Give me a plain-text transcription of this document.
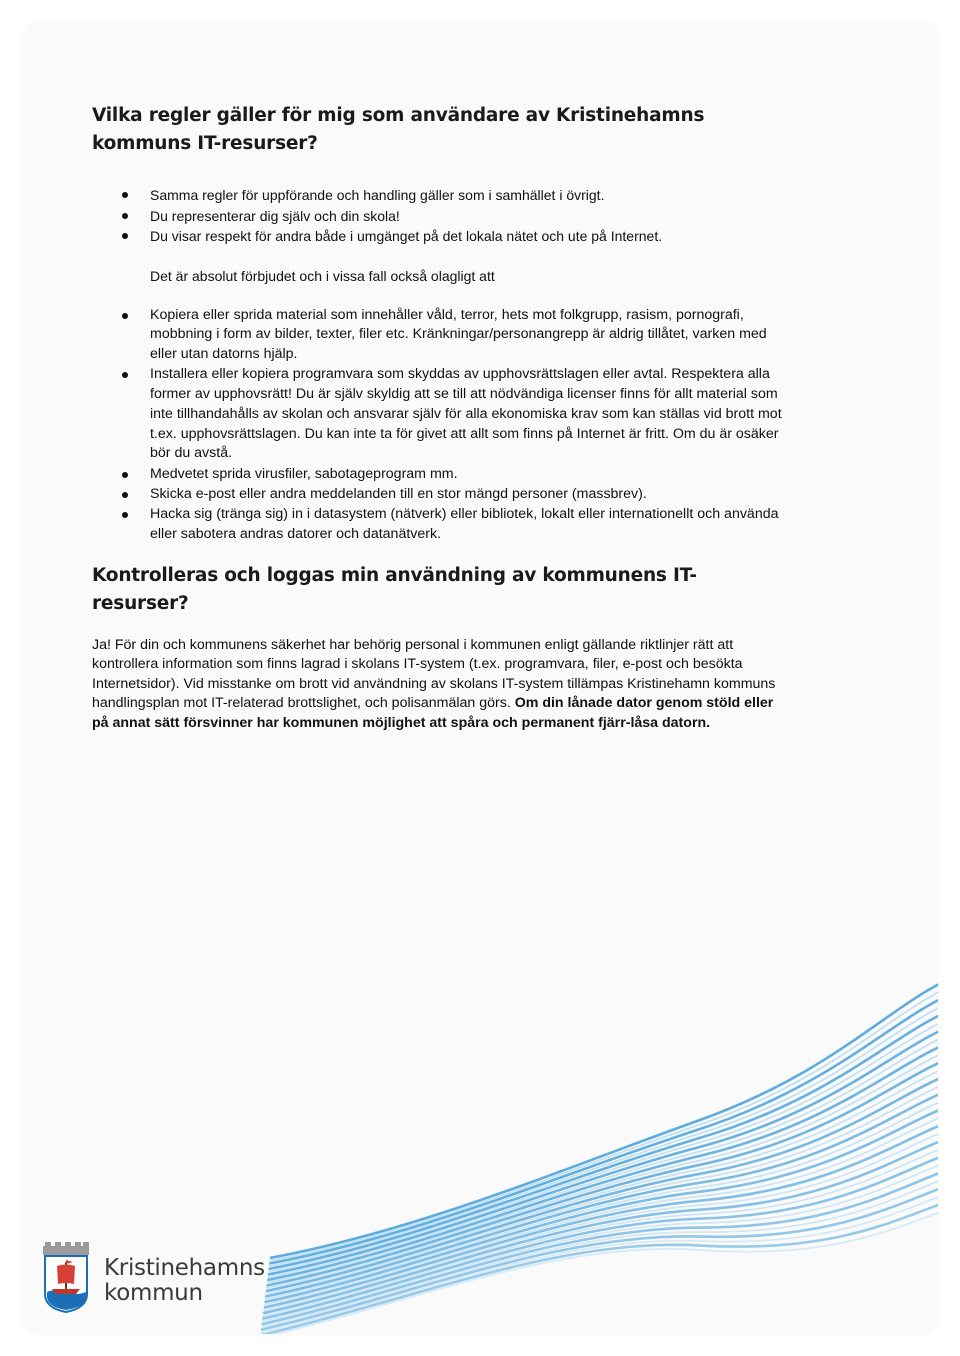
Vilka regler gäller för mig som användare av Kristinehamns kommuns IT-resurser?
Samma regler för uppförande och handling gäller som i samhället i övrigt.
Du representerar dig själv och din skola!
Du visar respekt för andra både i umgänget på det lokala nätet och ute på Internet.
Det är absolut förbjudet och i vissa fall också olagligt att
Kopiera eller sprida material som innehåller våld, terror, hets mot folkgrupp, rasism, pornografi, mobbning i form av bilder, texter, filer etc. Kränkningar/personangrepp är aldrig tillåtet, varken med eller utan datorns hjälp.
Installera eller kopiera programvara som skyddas av upphovsrättslagen eller avtal. Respektera alla former av upphovsrätt! Du är själv skyldig att se till att nödvändiga licenser finns för allt material som inte tillhandahålls av skolan och ansvarar själv för alla ekonomiska krav som kan ställas vid brott mot t.ex. upphovsrättslagen. Du kan inte ta för givet att allt som finns på Internet är fritt. Om du är osäker bör du avstå.
Medvetet sprida virusfiler, sabotageprogram mm.
Skicka e-post eller andra meddelanden till en stor mängd personer (massbrev).
Hacka sig (tränga sig) in i datasystem (nätverk) eller bibliotek, lokalt eller internationellt och använda eller sabotera andras datorer och datanätverk.
Kontrolleras och loggas min användning av kommunens IT-resurser?

Ja! För din och kommunens säkerhet har behörig personal i kommunen enligt gällande riktlinjer rätt att kontrollera information som finns lagrad i skolans IT-system (t.ex. programvara, filer, e-post och besökta Internetsidor). Vid misstanke om brott vid användning av skolans IT-system tillämpas Kristinehamn kommuns handlingsplan mot IT-relaterad brottslighet, och polisanmälan görs. Om din lånade dator genom stöld eller på annat sätt försvinner har kommunen möjlighet att spåra och permanent fjärr-låsa datorn.

Kristinehamns
kommun
